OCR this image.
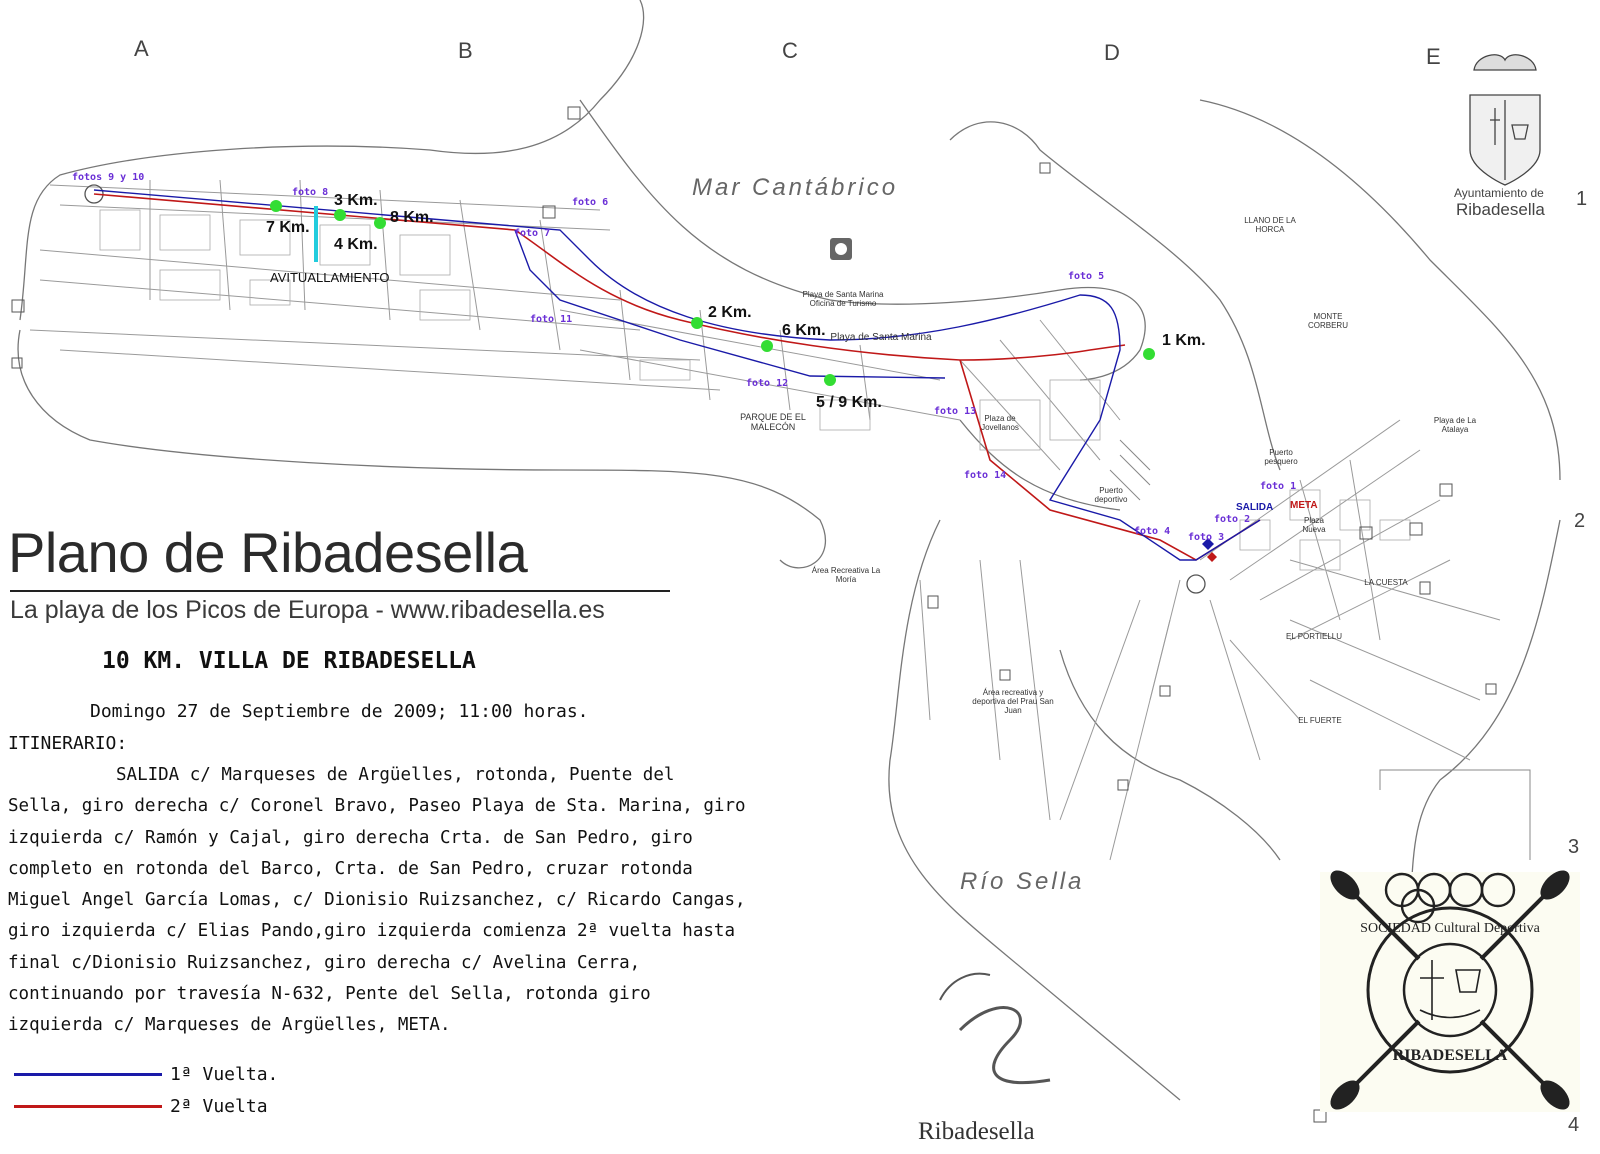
SOCIEDAD Cultural Deportiva
RIBADESELLA
A	B	C	D	E
1
2
3
4
Mar Cantábrico
Río Sella
Playa de Santa Marina Oficina de Turismo
Playa de Santa Marina
PARQUE DE EL MALECÓN
LLANO DE LA HORCA
MONTE CORBERU
Playa de La Atalaya
Puerto pesquero
Puerto deportivo
Área Recreativa La Moría
Área recreativa y deportiva del Prau San Juan
LA CUESTA
EL PORTIELLU
EL FUERTE
Plaza de Jovellanos
Plaza Nueva
Ayuntamiento de
Ribadesella
Ribadesella
fotos 9 y 10
foto 8
foto 6
foto 7
foto 11
foto 12
foto 13
foto 14
foto 5
foto 4
foto 3
foto 2
foto 1
3 Km.
7 Km.
8 Km.
4 Km.
2 Km.
6 Km.
5 / 9 Km.
1 Km.
AVITUALLAMIENTO
SALIDA META
Plano de Ribadesella
La playa de los Picos de Europa - www.ribadesella.es
10 KM. VILLA DE RIBADESELLA
Domingo 27 de Septiembre de 2009; 11:00 horas.
ITINERARIO:
SALIDA c/ Marqueses de Argüelles, rotonda, Puente del Sella, giro derecha c/ Coronel Bravo, Paseo Playa de Sta. Marina, giro izquierda c/ Ramón y Cajal, giro derecha Crta. de San Pedro, giro completo en rotonda del Barco, Crta. de San Pedro, cruzar rotonda Miguel Angel García Lomas, c/ Dionisio Ruizsanchez, c/ Ricardo Cangas, giro izquierda c/ Elias Pando,giro izquierda comienza 2ª vuelta hasta final c/Dionisio Ruizsanchez, giro derecha c/ Avelina Cerra, continuando por travesía N-632, Pente del Sella, rotonda giro izquierda c/ Marqueses de Argüelles, META.
1ª Vuelta.
2ª Vuelta
